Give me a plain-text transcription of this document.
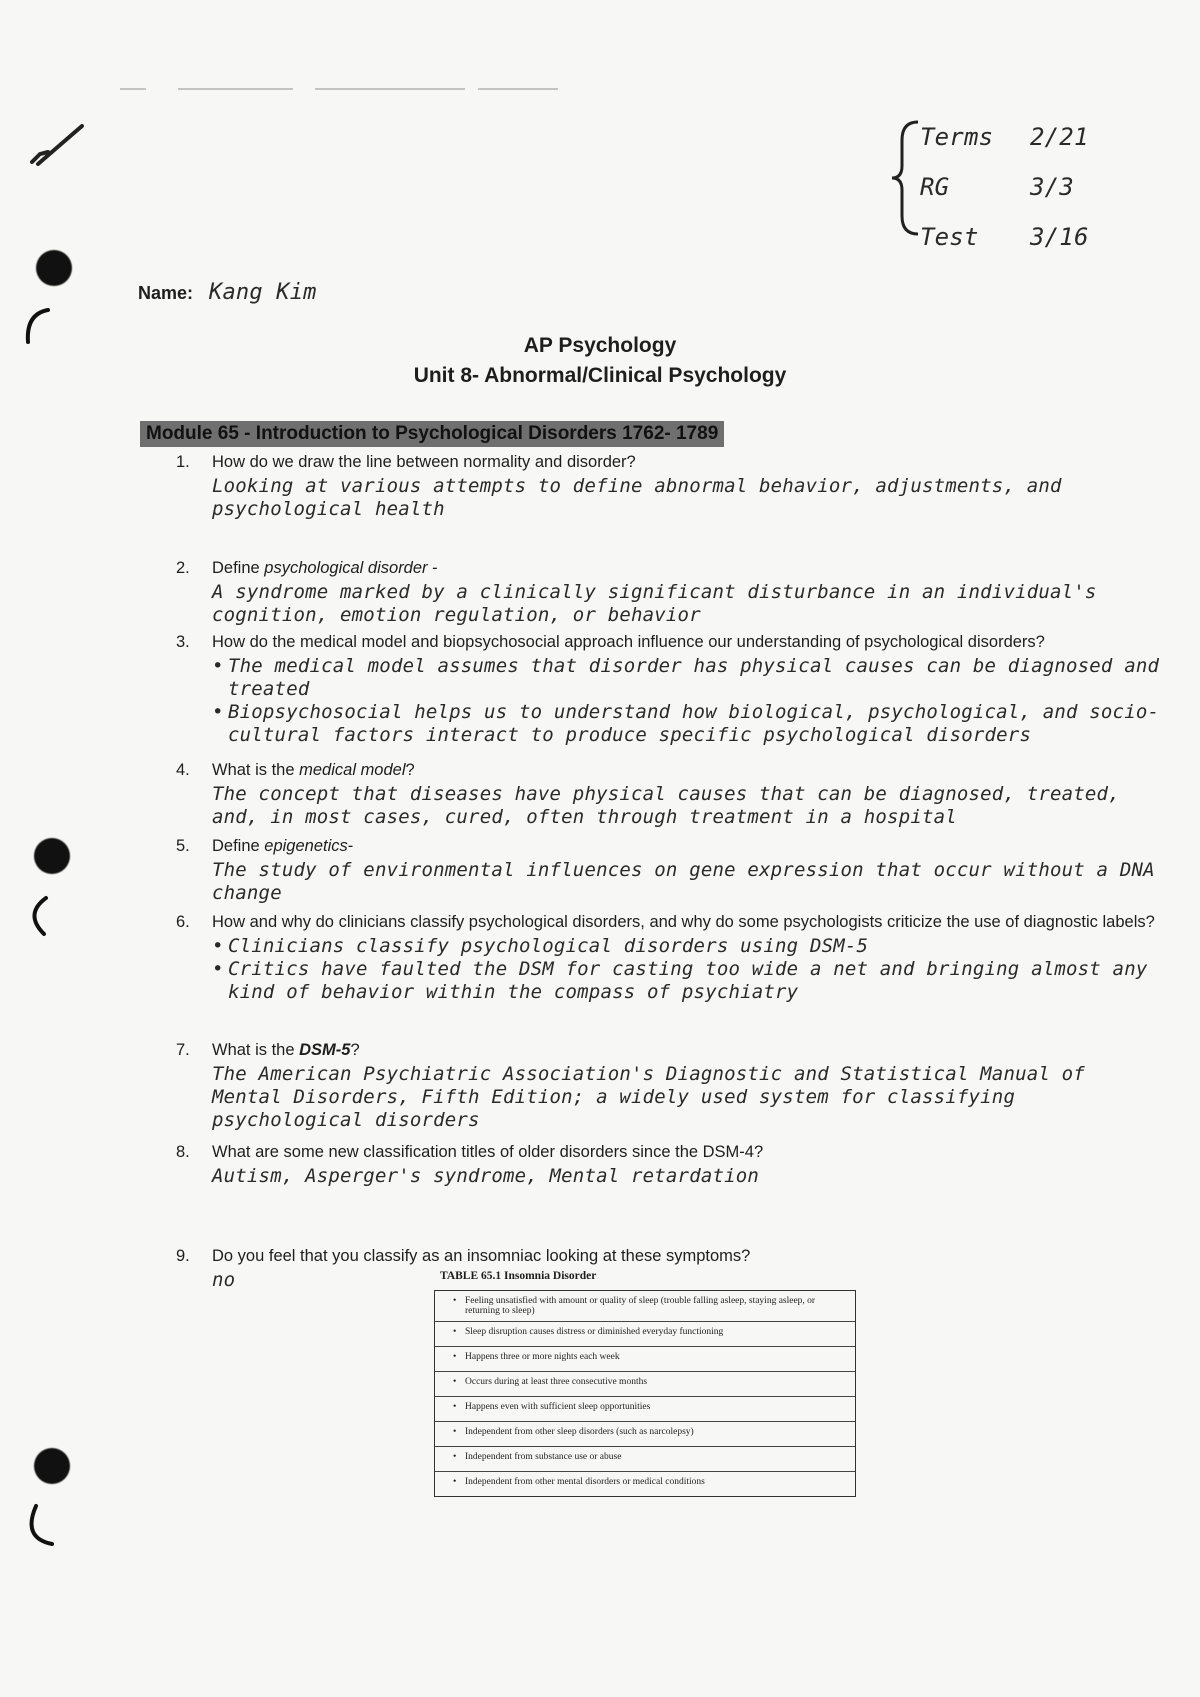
Terms	2/21
RG	3/3
Test	3/16
Name: Kang Kim
AP Psychology
Unit 8- Abnormal/Clinical Psychology
Module 65 - Introduction to Psychological Disorders 1762- 1789
1.	How do we draw the line between normality and disorder?
Looking at various attempts to define abnormal behavior, adjustments, and psychological health
2.	Define psychological disorder -
A syndrome marked by a clinically significant disturbance in an individual's cognition, emotion regulation, or behavior
3.	How do the medical model and biopsychosocial approach influence our understanding of psychological disorders?
• The medical model assumes that disorder has physical causes can be diagnosed and treated
• Biopsychosocial helps us to understand how biological, psychological, and socio-cultural factors interact to produce specific psychological disorders
4.	What is the medical model?
The concept that diseases have physical causes that can be diagnosed, treated, and, in most cases, cured, often through treatment in a hospital
5.	Define epigenetics-
The study of environmental influences on gene expression that occur without a DNA change
6.	How and why do clinicians classify psychological disorders, and why do some psychologists criticize the use of diagnostic labels?
• Clinicians classify psychological disorders using DSM-5
• Critics have faulted the DSM for casting too wide a net and bringing almost any kind of behavior within the compass of psychiatry
7.	What is the DSM-5?
The American Psychiatric Association's Diagnostic and Statistical Manual of Mental Disorders, Fifth Edition; a widely used system for classifying psychological disorders
8.	What are some new classification titles of older disorders since the DSM-4?
Autism, Asperger's syndrome, Mental retardation
9.	Do you feel that you classify as an insomniac looking at these symptoms?
no	TABLE 65.1 Insomnia Disorder
• Feeling unsatisfied with amount or quality of sleep (trouble falling asleep, staying asleep, or returning to sleep)
• Sleep disruption causes distress or diminished everyday functioning
• Happens three or more nights each week
• Occurs during at least three consecutive months
• Happens even with sufficient sleep opportunities
• Independent from other sleep disorders (such as narcolepsy)
• Independent from substance use or abuse
• Independent from other mental disorders or medical conditions
